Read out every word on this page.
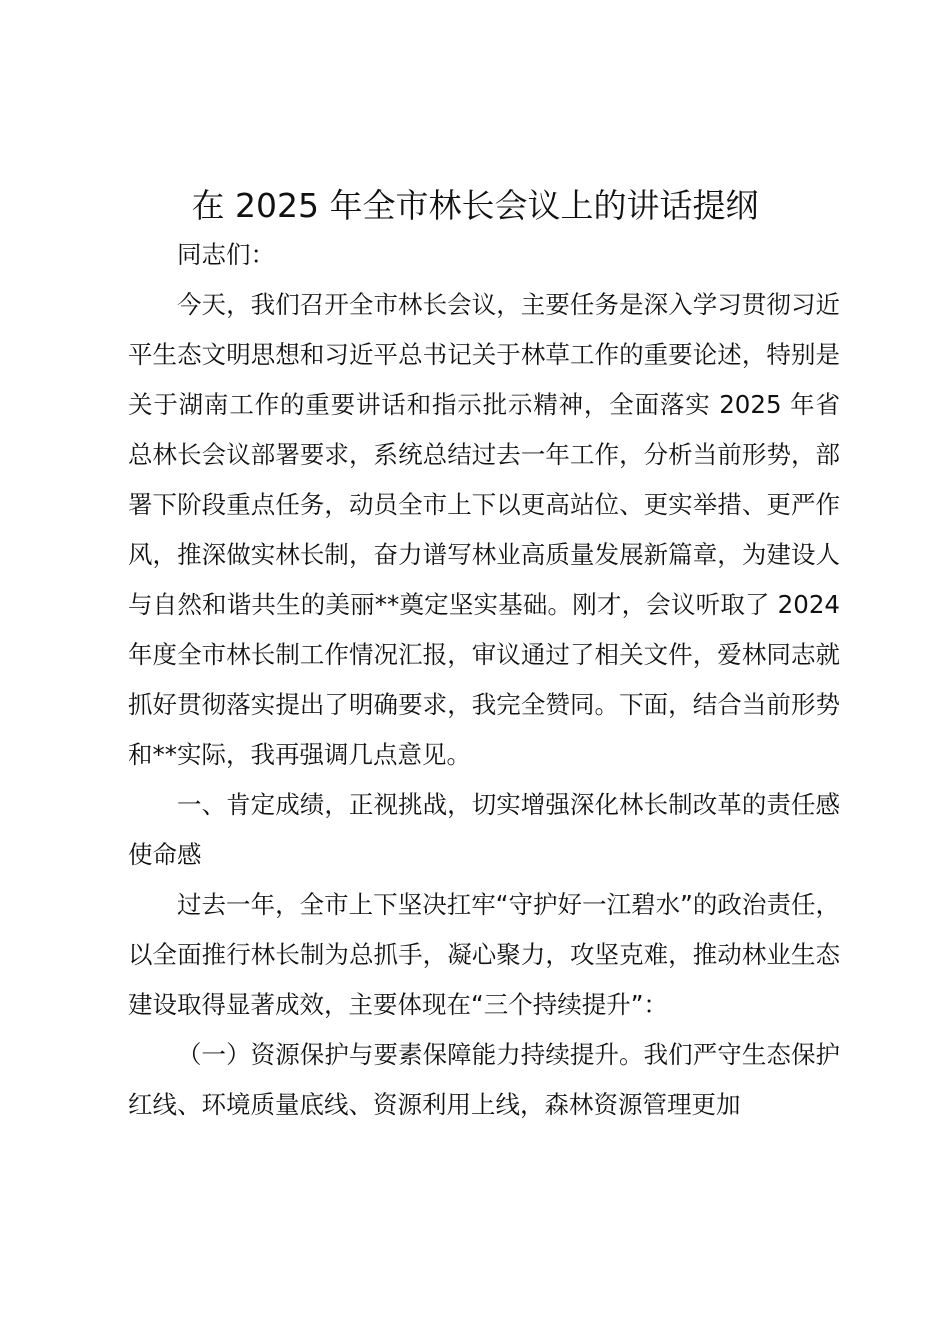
在 2025 年全市林长会议上的讲话提纲

同志们：

今天，我们召开全市林长会议，主要任务是深入学习贯彻习近平生态文明思想和习近平总书记关于林草工作的重要论述，特别是关于湖南工作的重要讲话和指示批示精神，全面落实 2025 年省总林长会议部署要求，系统总结过去一年工作，分析当前形势，部署下阶段重点任务，动员全市上下以更高站位、更实举措、更严作风，推深做实林长制，奋力谱写林业高质量发展新篇章，为建设人与自然和谐共生的美丽**奠定坚实基础。刚才，会议听取了 2024 年度全市林长制工作情况汇报，审议通过了相关文件，爱林同志就抓好贯彻落实提出了明确要求，我完全赞同。下面，结合当前形势和**实际，我再强调几点意见。

一、肯定成绩，正视挑战，切实增强深化林长制改革的责任感使命感

过去一年，全市上下坚决扛牢“守护好一江碧水”的政治责任，以全面推行林长制为总抓手，凝心聚力，攻坚克难，推动林业生态建设取得显著成效，主要体现在“三个持续提升”：

（一）资源保护与要素保障能力持续提升。我们严守生态保护红线、环境质量底线、资源利用上线，森林资源管理更加
